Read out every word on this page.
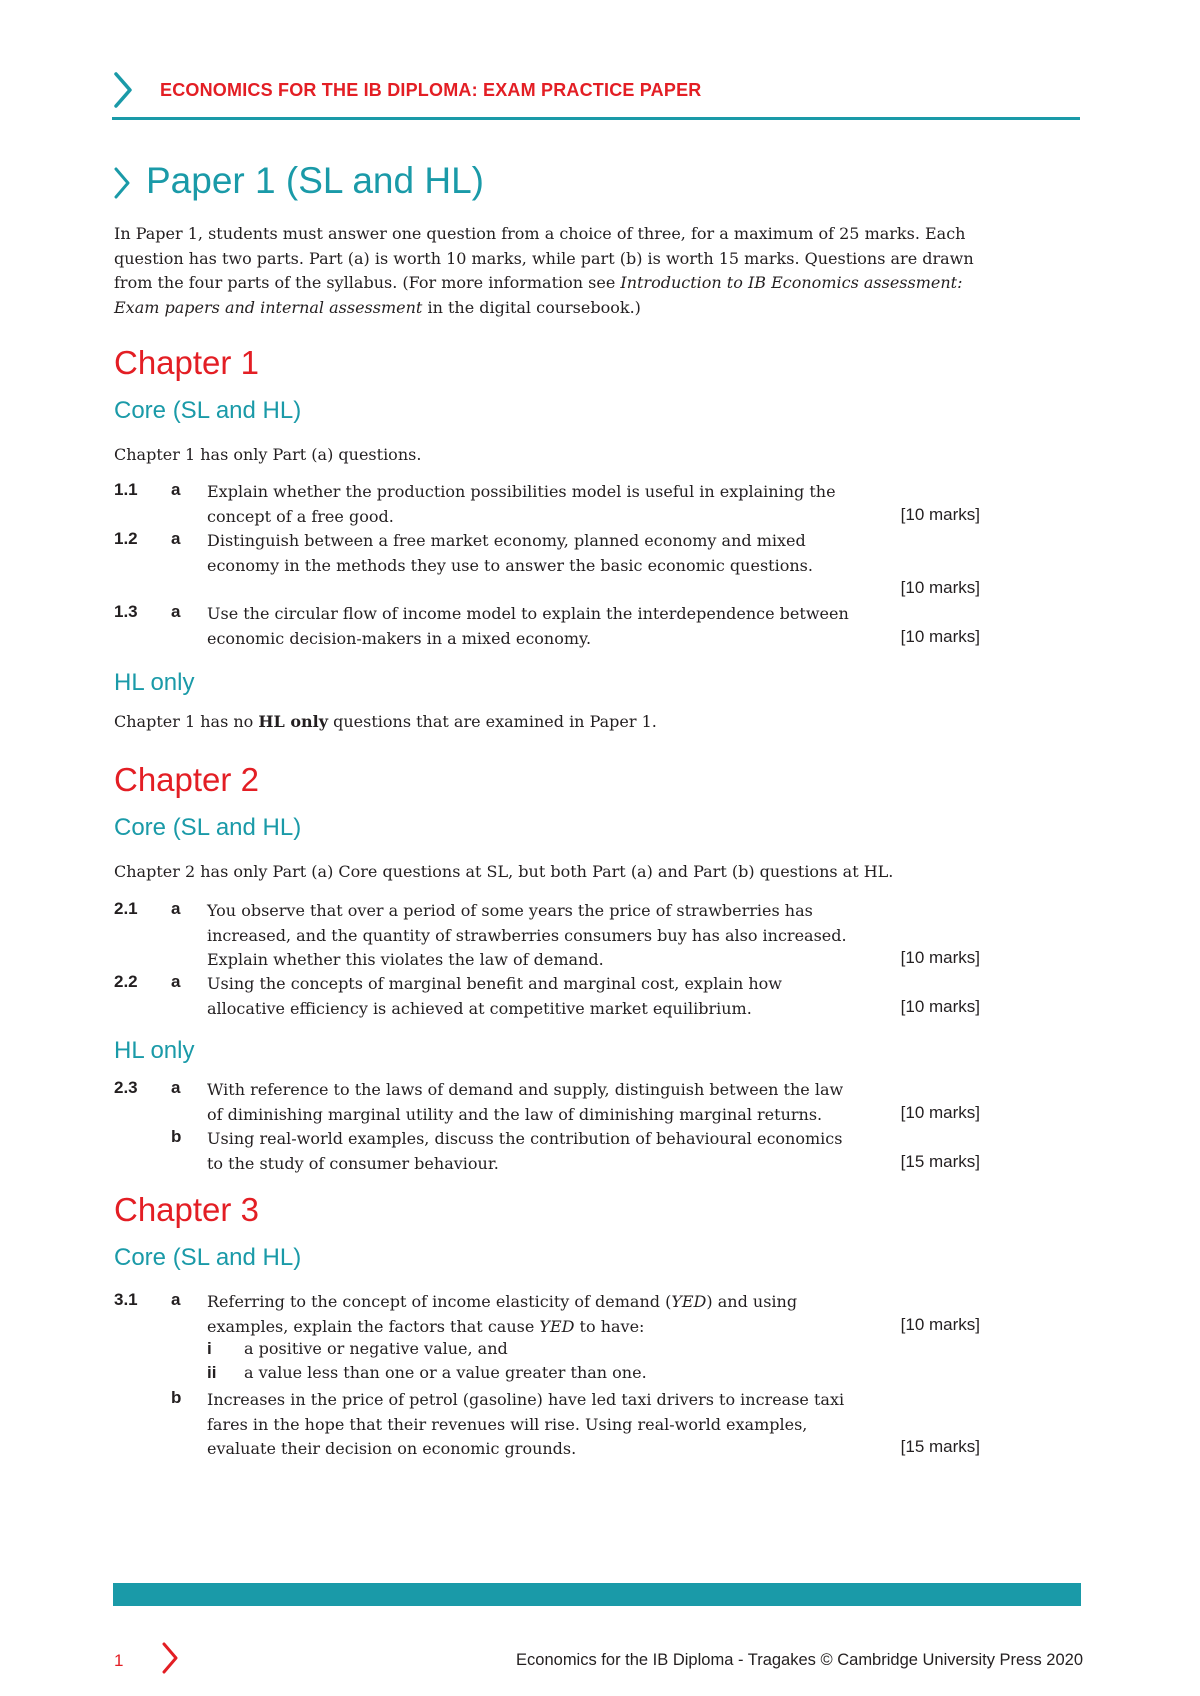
ECONOMICS FOR THE IB DIPLOMA: EXAM PRACTICE PAPER
Paper 1 (SL and HL)
In Paper 1, students must answer one question from a choice of three, for a maximum of 25 marks. Each question has two parts. Part (a) is worth 10 marks, while part (b) is worth 15 marks. Questions are drawn from the four parts of the syllabus. (For more information see Introduction to IB Economics assessment: Exam papers and internal assessment in the digital coursebook.)
Chapter 1
Core (SL and HL)
Chapter 1 has only Part (a) questions.
1.1 a Explain whether the production possibilities model is useful in explaining the concept of a free good.	[10 marks]
1.2 a Distinguish between a free market economy, planned economy and mixed economy in the methods they use to answer the basic economic questions.
[10 marks]
1.3 a Use the circular flow of income model to explain the interdependence between economic decision-makers in a mixed economy.	[10 marks]
HL only
Chapter 1 has no HL only questions that are examined in Paper 1.
Chapter 2
Core (SL and HL)
Chapter 2 has only Part (a) Core questions at SL, but both Part (a) and Part (b) questions at HL.
2.1 a You observe that over a period of some years the price of strawberries has increased, and the quantity of strawberries consumers buy has also increased. Explain whether this violates the law of demand.	[10 marks]
2.2 a Using the concepts of marginal benefit and marginal cost, explain how allocative efficiency is achieved at competitive market equilibrium.	[10 marks]
HL only
2.3 a With reference to the laws of demand and supply, distinguish between the law of diminishing marginal utility and the law of diminishing marginal returns.	[10 marks]
b Using real-world examples, discuss the contribution of behavioural economics to the study of consumer behaviour.	[15 marks]
Chapter 3
Core (SL and HL)
3.1 a Referring to the concept of income elasticity of demand (YED) and using examples, explain the factors that cause YED to have:	[10 marks]
i a positive or negative value, and
ii a value less than one or a value greater than one.
b Increases in the price of petrol (gasoline) have led taxi drivers to increase taxi fares in the hope that their revenues will rise. Using real-world examples, evaluate their decision on economic grounds.	[15 marks]
1	Economics for the IB Diploma - Tragakes © Cambridge University Press 2020
